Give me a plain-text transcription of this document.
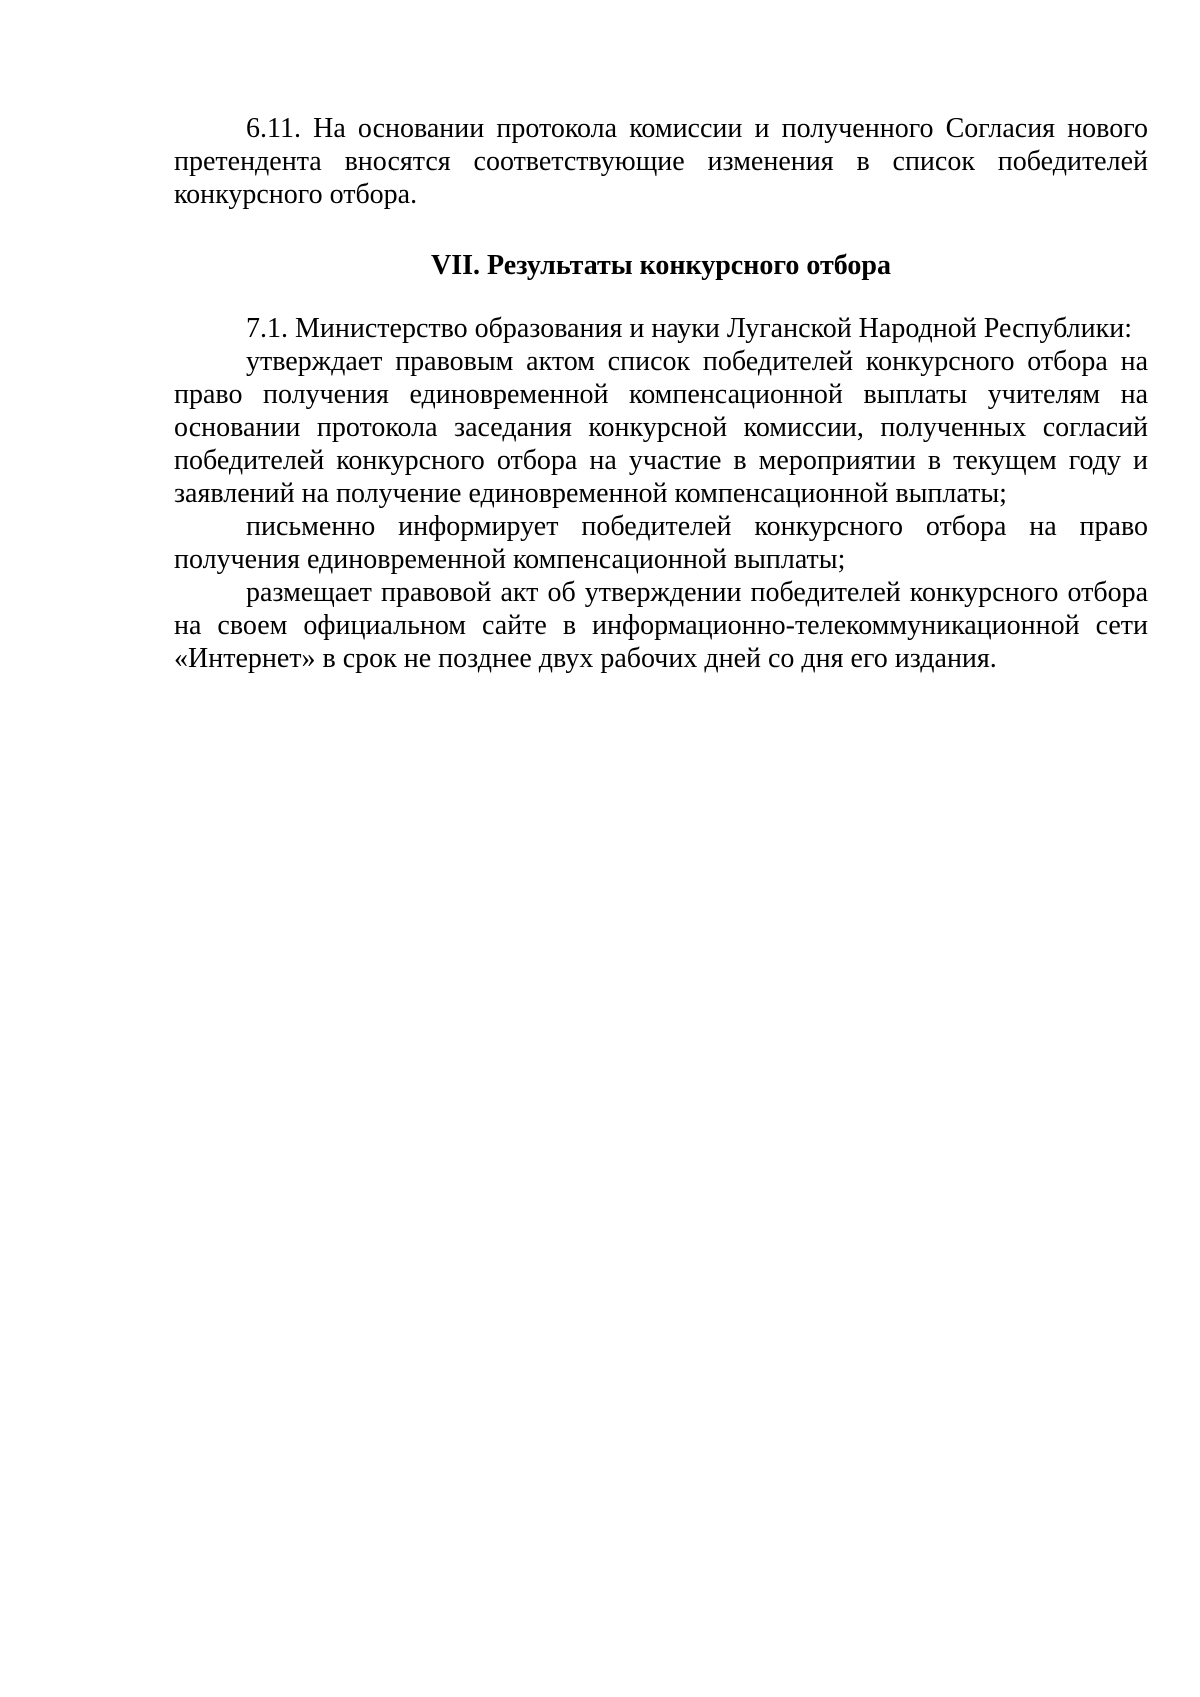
6.11. На основании протокола комиссии и полученного Согласия нового претендента вносятся соответствующие изменения в список победителей конкурсного отбора.

VII. Результаты конкурсного отбора

7.1. Министерство образования и науки Луганской Народной Республики:

утверждает правовым актом список победителей конкурсного отбора на право получения единовременной компенсационной выплаты учителям на основании протокола заседания конкурсной комиссии, полученных согласий победителей конкурсного отбора на участие в мероприятии в текущем году и заявлений на получение единовременной компенсационной выплаты;

письменно информирует победителей конкурсного отбора на право получения единовременной компенсационной выплаты;

размещает правовой акт об утверждении победителей конкурсного отбора на своем официальном сайте в информационно-телекоммуникационной сети «Интернет» в срок не позднее двух рабочих дней со дня его издания.
